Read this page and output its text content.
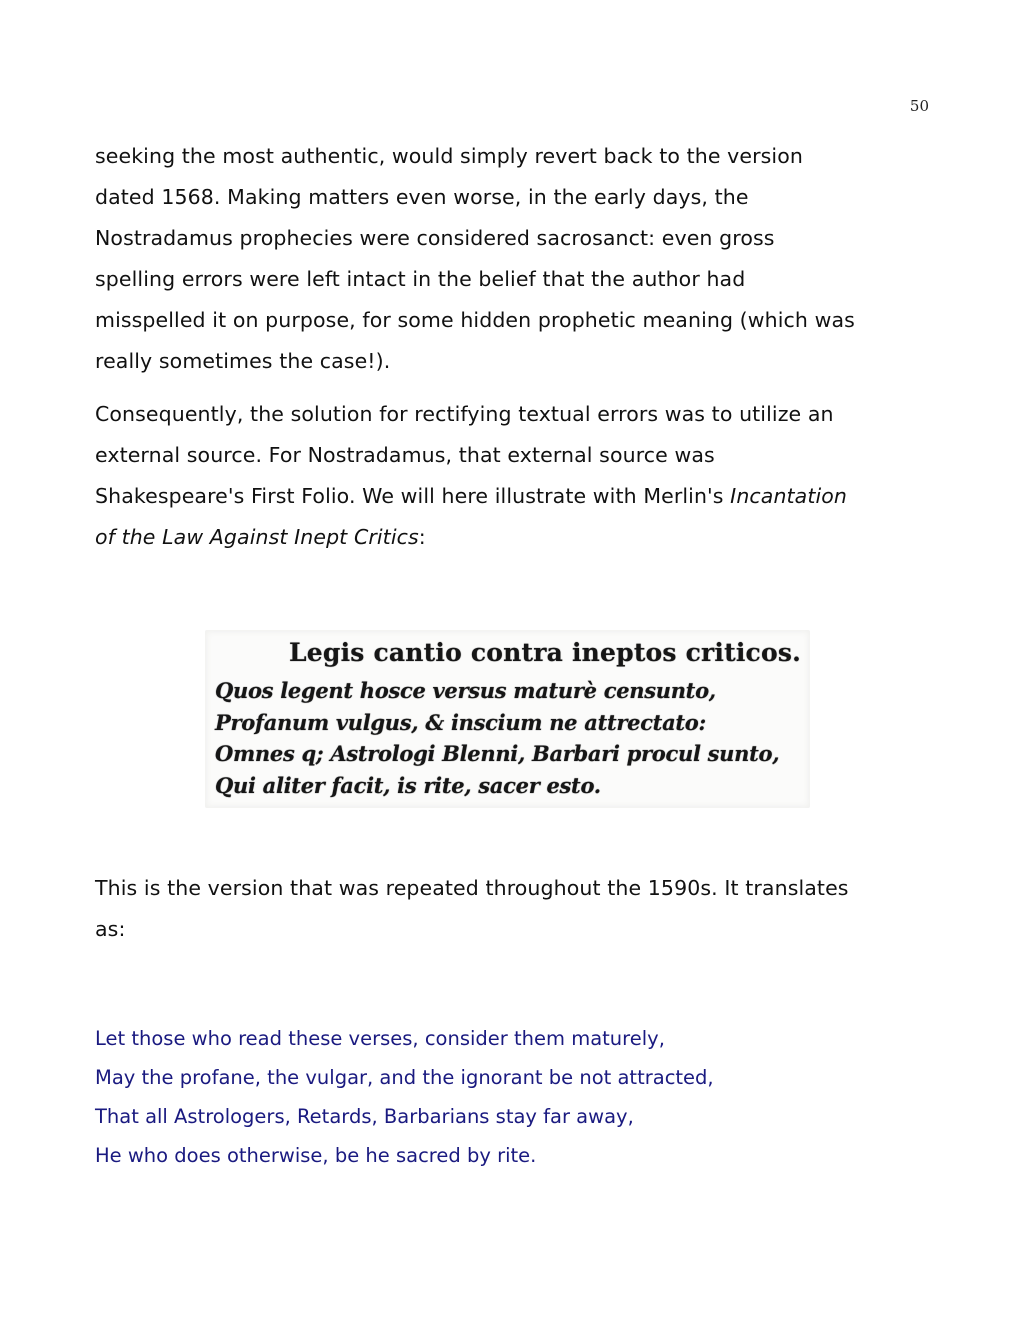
50

seeking the most authentic, would simply revert back to the version
dated 1568. Making matters even worse, in the early days, the
Nostradamus prophecies were considered sacrosanct: even gross
spelling errors were left intact in the belief that the author had
misspelled it on purpose, for some hidden prophetic meaning (which was
really sometimes the case!).

Consequently, the solution for rectifying textual errors was to utilize an
external source. For Nostradamus, that external source was
Shakespeare's First Folio. We will here illustrate with Merlin's Incantation
of the Law Against Inept Critics:

Legis cantio contra ineptos criticos.
Quos legent hosce versus maturè censunto,
Profanum vulgus, & inscium ne attrectato:
Omnes q; Astrologi Blenni, Barbari procul sunto,
Qui aliter facit, is rite, sacer esto.

This is the version that was repeated throughout the 1590s. It translates
as:

Let those who read these verses, consider them maturely,
May the profane, the vulgar, and the ignorant be not attracted,
That all Astrologers, Retards, Barbarians stay far away,
He who does otherwise, be he sacred by rite.
